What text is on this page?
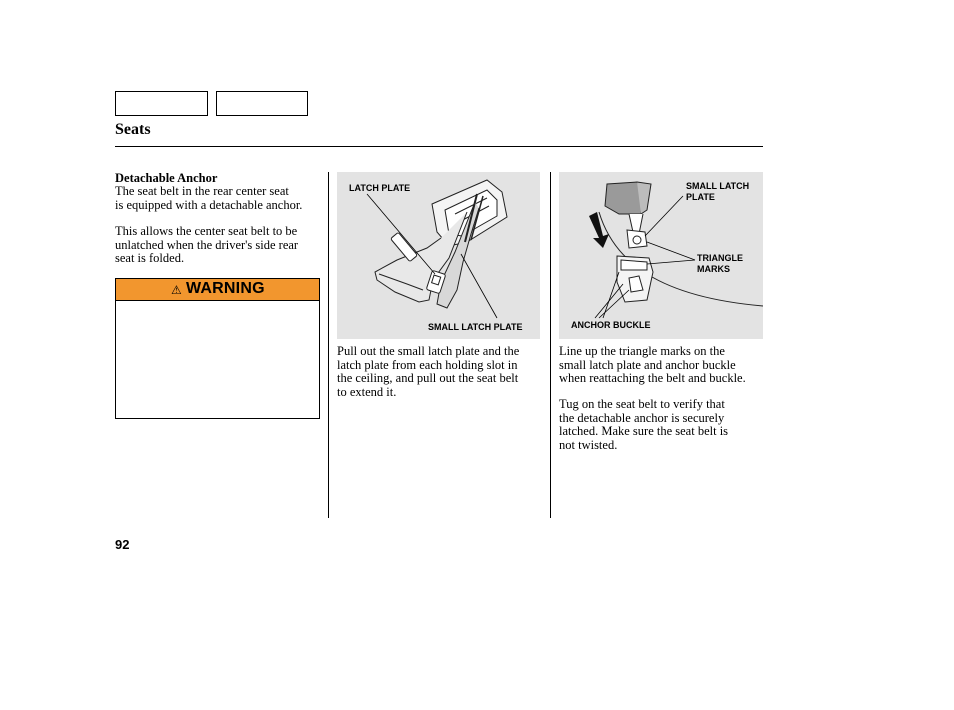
Seats
Detachable Anchor
The seat belt in the rear center seat
is equipped with a detachable anchor.
This allows the center seat belt to be
unlatched when the driver's side rear
seat is folded.
⚠ WARNING
LATCH PLATE
SMALL LATCH PLATE
Pull out the small latch plate and the
latch plate from each holding slot in
the ceiling, and pull out the seat belt
to extend it.
SMALL LATCH PLATE
TRIANGLE MARKS
ANCHOR BUCKLE
Line up the triangle marks on the
small latch plate and anchor buckle
when reattaching the belt and buckle.
Tug on the seat belt to verify that
the detachable anchor is securely
latched. Make sure the seat belt is
not twisted.
92
